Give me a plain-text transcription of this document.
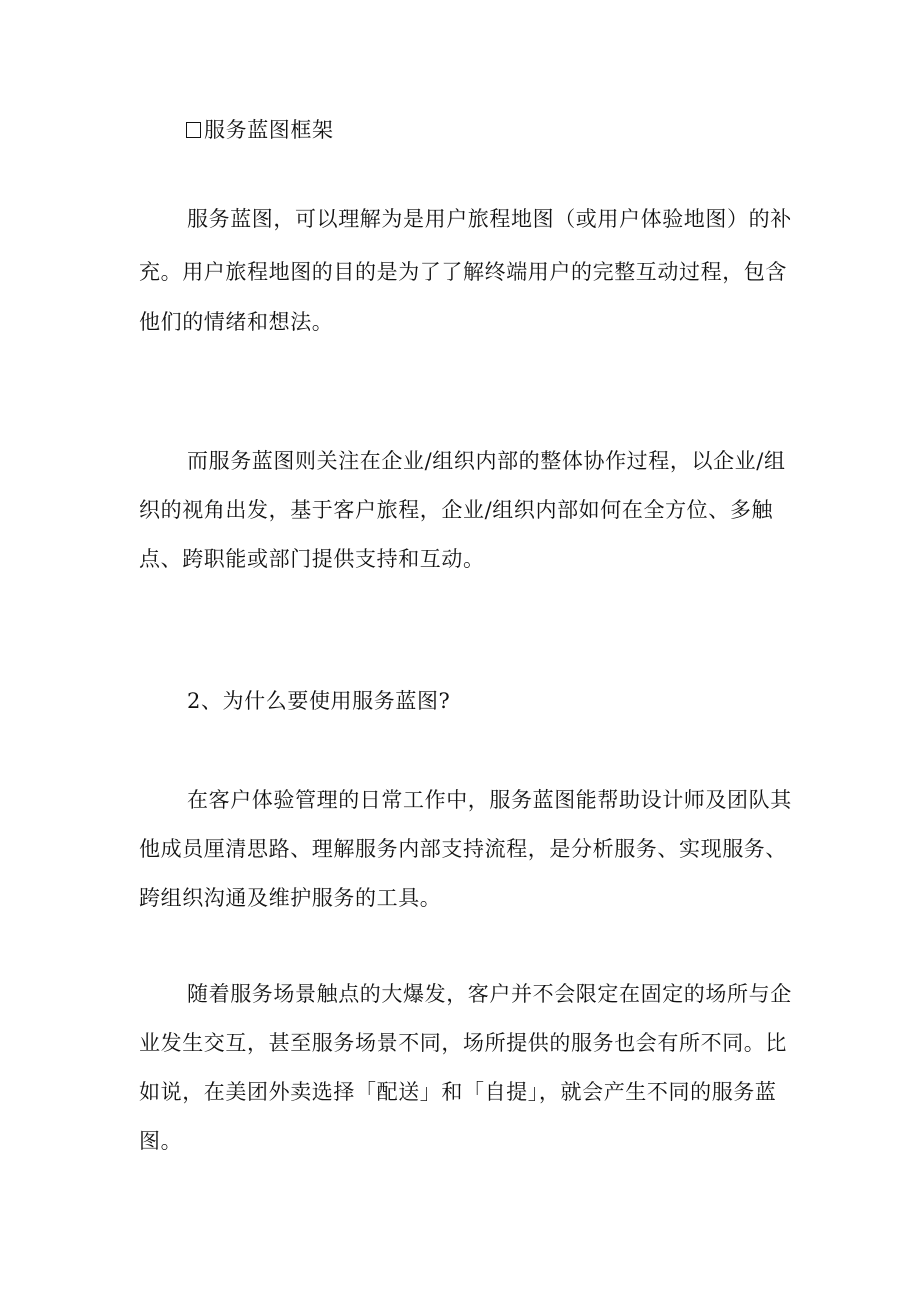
服务蓝图框架
服务蓝图，可以理解为是用户旅程地图（或用户体验地图）的补
充。用户旅程地图的目的是为了了解终端用户的完整互动过程，包含
他们的情绪和想法。
而服务蓝图则关注在企业/组织内部的整体协作过程，以企业/组
织的视角出发，基于客户旅程，企业/组织内部如何在全方位、多触
点、跨职能或部门提供支持和互动。
2、为什么要使用服务蓝图?
在客户体验管理的日常工作中，服务蓝图能帮助设计师及团队其
他成员厘清思路、理解服务内部支持流程，是分析服务、实现服务、
跨组织沟通及维护服务的工具。
随着服务场景触点的大爆发，客户并不会限定在固定的场所与企
业发生交互，甚至服务场景不同，场所提供的服务也会有所不同。比
如说，在美团外卖选择「配送」和「自提」，就会产生不同的服务蓝
图。
